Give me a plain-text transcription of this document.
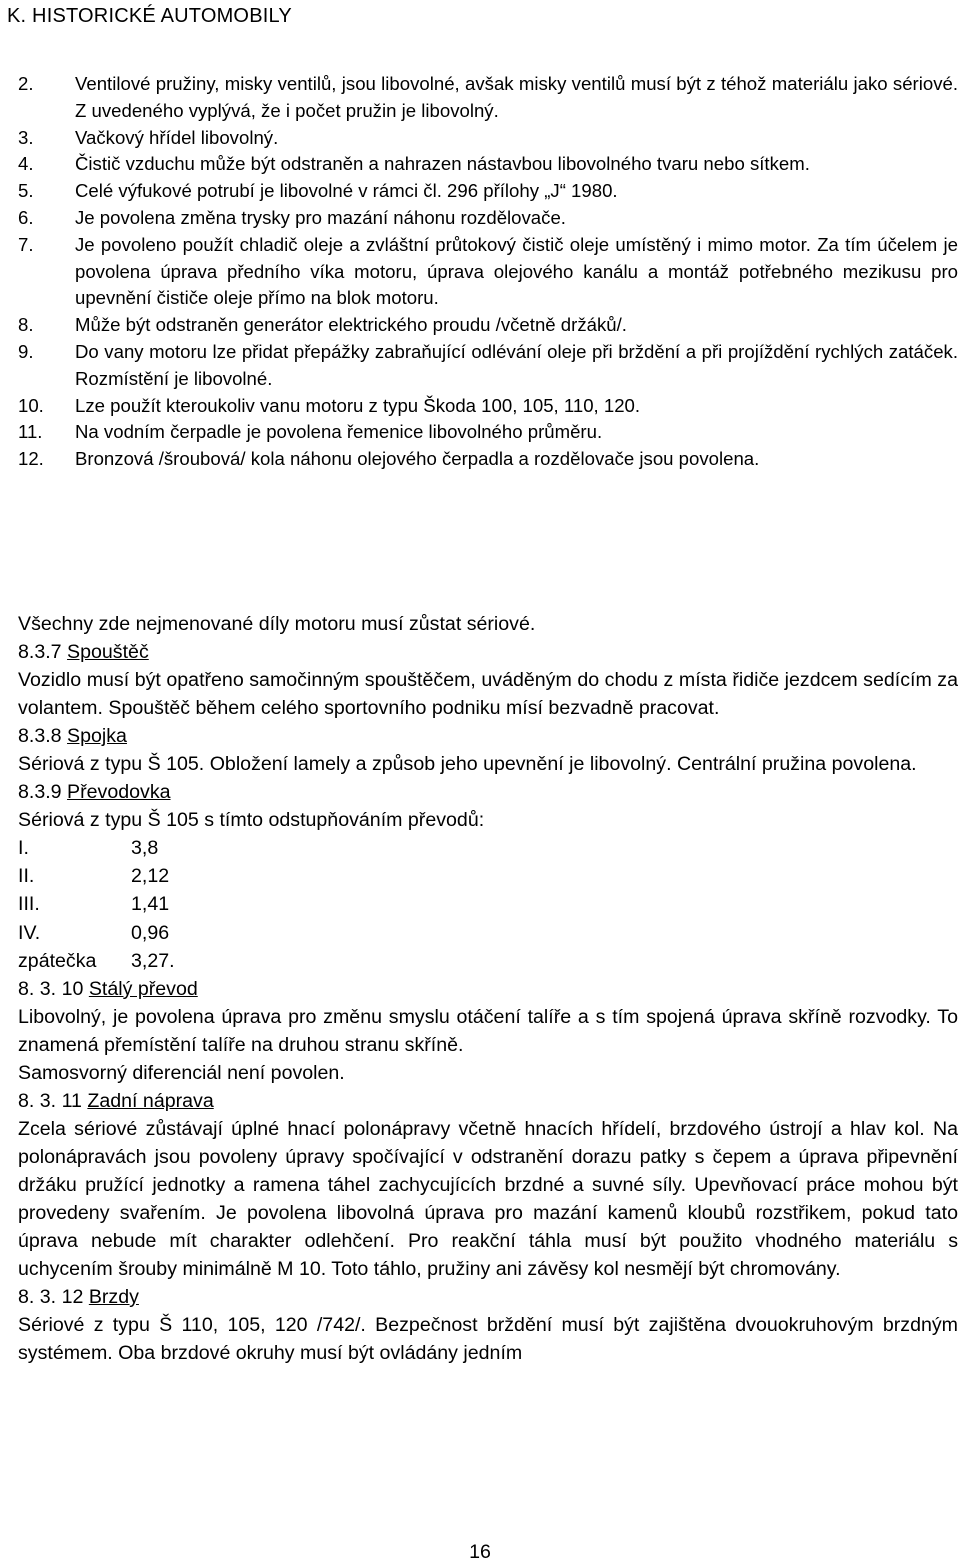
K. HISTORICKÉ AUTOMOBILY
2.	Ventilové pružiny, misky ventilů, jsou libovolné, avšak misky ventilů musí být z téhož materiálu jako sériové. Z uvedeného vyplývá, že i počet pružin je libovolný.
3.	Vačkový hřídel libovolný.
4.	Čistič vzduchu může být odstraněn a nahrazen nástavbou libovolného tvaru nebo sítkem.
5.	Celé výfukové potrubí je libovolné v rámci čl. 296 přílohy „J“ 1980.
6.	Je povolena změna trysky pro mazání náhonu rozdělovače.
7.	Je povoleno použít chladič oleje a zvláštní průtokový čistič oleje umístěný i mimo motor. Za tím účelem je povolena úprava předního víka motoru, úprava olejového kanálu a montáž potřebného mezikusu pro upevnění čističe oleje přímo na blok motoru.
8.	Může být odstraněn generátor elektrického proudu /včetně držáků/.
9.	Do vany motoru lze přidat přepážky zabraňující odlévání oleje při brždění a při projíždění rychlých zatáček. Rozmístění je libovolné.
10.	Lze použít kteroukoliv vanu motoru z typu Škoda 100, 105, 110, 120.
11.	Na vodním čerpadle je povolena řemenice libovolného průměru.
12.	Bronzová /šroubová/ kola náhonu olejového čerpadla a rozdělovače jsou povolena.

Všechny zde nejmenované díly motoru musí zůstat sériové.

8.3.7 Spouštěč

Vozidlo musí být opatřeno samočinným spouštěčem, uváděným do chodu z místa řidiče jezdcem sedícím za volantem. Spouštěč během celého sportovního podniku mísí bezvadně pracovat.

8.3.8 Spojka

Sériová z typu Š 105. Obložení lamely a způsob jeho upevnění je libovolný. Centrální pružina povolena.

8.3.9 Převodovka

Sériová z typu Š 105 s tímto odstupňováním převodů:

I.	3,8
II.	2,12
III.	1,41
IV.	0,96
zpátečka	3,27.

8. 3. 10 Stálý převod

Libovolný, je povolena úprava pro změnu smyslu otáčení talíře a s tím spojená úprava skříně rozvodky. To znamená přemístění talíře na druhou stranu skříně.

Samosvorný diferenciál není povolen.

8. 3. 11 Zadní náprava

Zcela sériové zůstávají úplné hnací polonápravy včetně hnacích hřídelí, brzdového ústrojí a hlav kol. Na polonápravách jsou povoleny úpravy spočívající v odstranění dorazu patky s čepem a úprava připevnění držáku pružící jednotky a ramena táhel zachycujících brzdné a suvné síly. Upevňovací práce mohou být provedeny svařením. Je povolena libovolná úprava pro mazání kamenů kloubů rozstřikem, pokud tato úprava nebude mít charakter odlehčení. Pro reakční táhla musí být použito vhodného materiálu s uchycením šrouby minimálně M 10. Toto táhlo, pružiny ani závěsy kol nesmějí být chromovány.

8. 3. 12 Brzdy

Sériové z typu Š 110, 105, 120 /742/. Bezpečnost brždění musí být zajištěna dvouokruhovým brzdným systémem. Oba brzdové okruhy musí být ovládány jedním

16
